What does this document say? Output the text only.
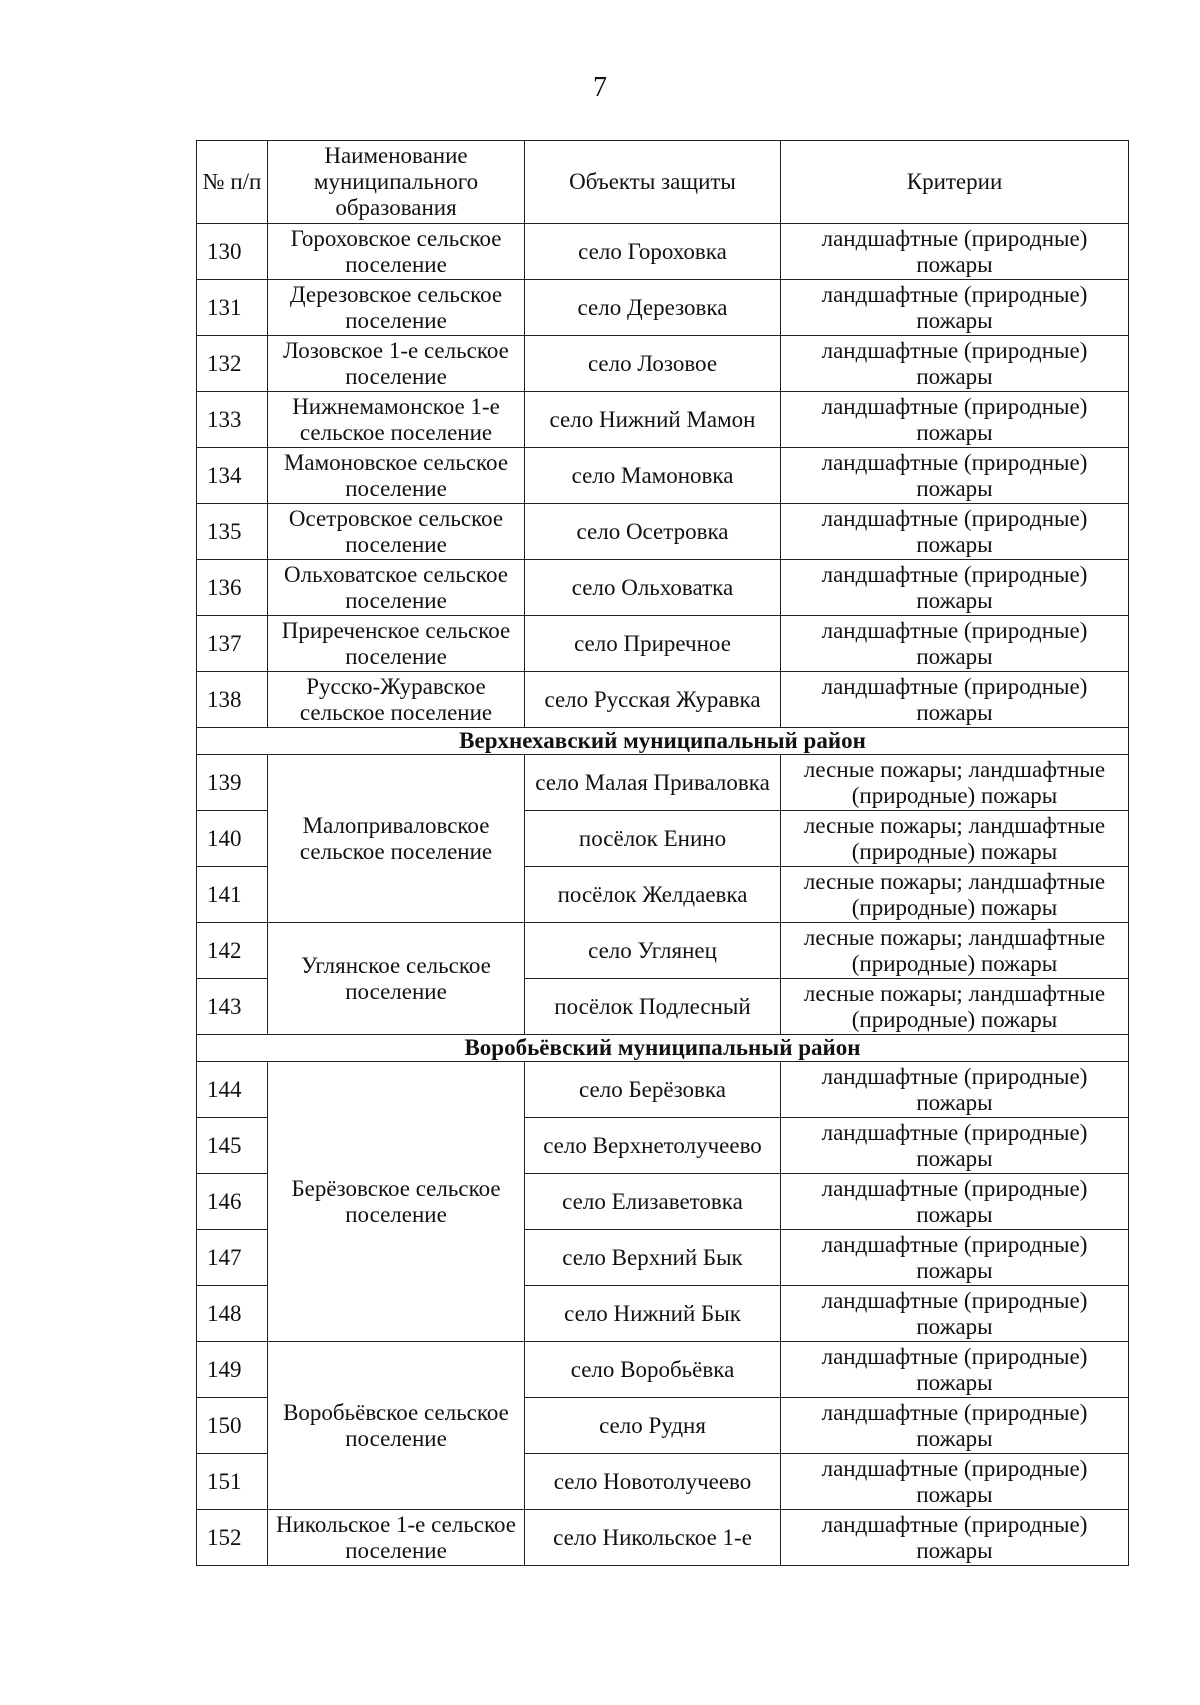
7
№ п/п	Наименование муниципального образования	Объекты защиты	Критерии
130	Гороховское сельское поселение	село Гороховка	ландшафтные (природные) пожары
131	Дерезовское сельское поселение	село Дерезовка	ландшафтные (природные) пожары
132	Лозовское 1-е сельское поселение	село Лозовое	ландшафтные (природные) пожары
133	Нижнемамонское 1-е сельское поселение	село Нижний Мамон	ландшафтные (природные) пожары
134	Мамоновское сельское поселение	село Мамоновка	ландшафтные (природные) пожары
135	Осетровское сельское поселение	село Осетровка	ландшафтные (природные) пожары
136	Ольховатское сельское поселение	село Ольховатка	ландшафтные (природные) пожары
137	Приреченское сельское поселение	село Приречное	ландшафтные (природные) пожары
138	Русско-Журавское сельское поселение	село Русская Журавка	ландшафтные (природные) пожары
Верхнехавский муниципальный район			
139	Малоприваловское сельское поселение	село Малая Приваловка	лесные пожары; ландшафтные (природные) пожары
140		посёлок Енино	лесные пожары; ландшафтные (природные) пожары
141		посёлок Желдаевка	лесные пожары; ландшафтные (природные) пожары
142	Углянское сельское поселение	село Углянец	лесные пожары; ландшафтные (природные) пожары
143		посёлок Подлесный	лесные пожары; ландшафтные (природные) пожары
Воробьёвский муниципальный район			
144	Берёзовское сельское поселение	село Берёзовка	ландшафтные (природные) пожары
145		село Верхнетолучеево	ландшафтные (природные) пожары
146		село Елизаветовка	ландшафтные (природные) пожары
147		село Верхний Бык	ландшафтные (природные) пожары
148		село Нижний Бык	ландшафтные (природные) пожары
149	Воробьёвское сельское поселение	село Воробьёвка	ландшафтные (природные) пожары
150		село Рудня	ландшафтные (природные) пожары
151		село Новотолучеево	ландшафтные (природные) пожары
152	Никольское 1-е сельское поселение	село Никольское 1-е	ландшафтные (природные) пожары
